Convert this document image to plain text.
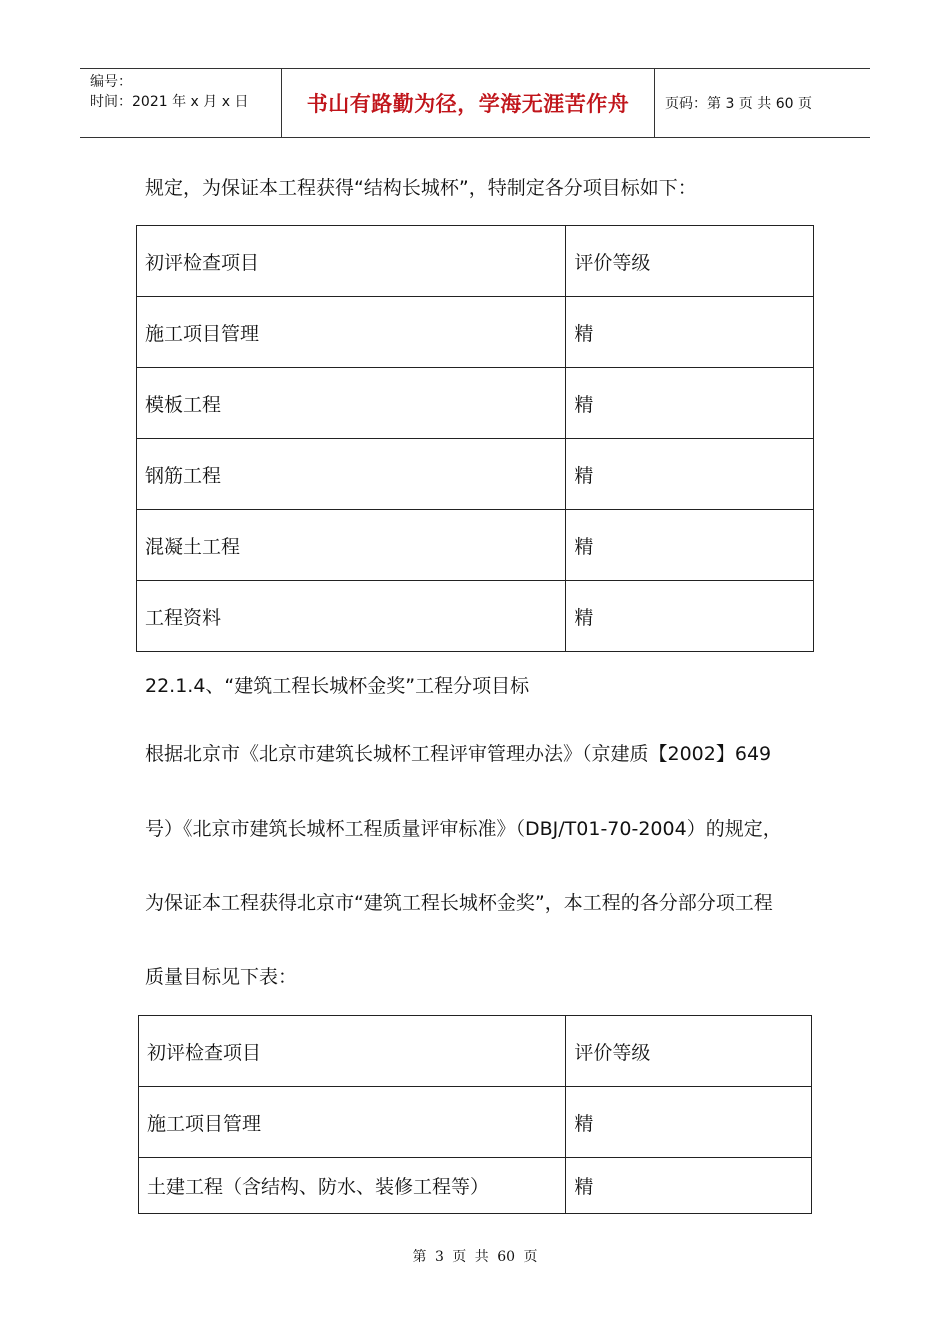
编号：
时间：2021 年 x 月 x 日	书山有路勤为径，学海无涯苦作舟	页码：第 3 页 共 60 页
规定，为保证本工程获得“结构长城杯”，特制定各分项目标如下：
初评检查项目	评价等级
施工项目管理	精
模板工程	精
钢筋工程	精
混凝土工程	精
工程资料	精
22.1.4、“建筑工程长城杯金奖”工程分项目标
根据北京市《北京市建筑长城杯工程评审管理办法》（京建质【2002】649
号）《北京市建筑长城杯工程质量评审标准》（DBJ/T01-70-2004）的规定，
为保证本工程获得北京市“建筑工程长城杯金奖”，本工程的各分部分项工程
质量目标见下表：
初评检查项目	评价等级
施工项目管理	精
土建工程（含结构、防水、装修工程等）	精
第 3 页 共 60 页
